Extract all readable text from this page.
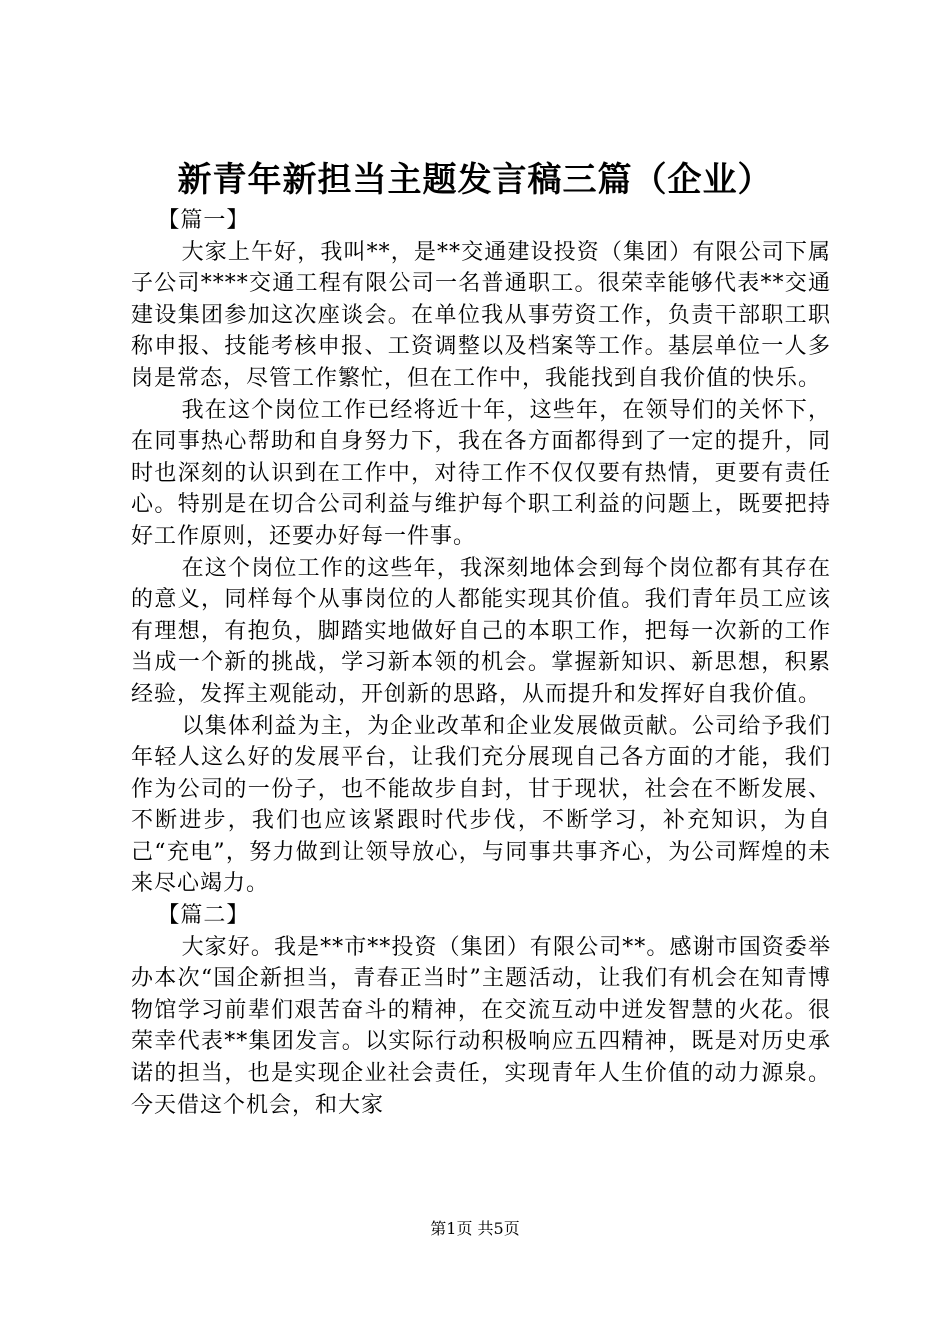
新青年新担当主题发言稿三篇（企业）

【篇一】

大家上午好，我叫**，是**交通建设投资（集团）有限公司下属子公司****交通工程有限公司一名普通职工。很荣幸能够代表**交通建设集团参加这次座谈会。在单位我从事劳资工作，负责干部职工职称申报、技能考核申报、工资调整以及档案等工作。基层单位一人多岗是常态，尽管工作繁忙，但在工作中，我能找到自我价值的快乐。

我在这个岗位工作已经将近十年，这些年，在领导们的关怀下，在同事热心帮助和自身努力下，我在各方面都得到了一定的提升，同时也深刻的认识到在工作中，对待工作不仅仅要有热情，更要有责任心。特别是在切合公司利益与维护每个职工利益的问题上，既要把持好工作原则，还要办好每一件事。

在这个岗位工作的这些年，我深刻地体会到每个岗位都有其存在的意义，同样每个从事岗位的人都能实现其价值。我们青年员工应该有理想，有抱负，脚踏实地做好自己的本职工作，把每一次新的工作当成一个新的挑战，学习新本领的机会。掌握新知识、新思想，积累经验，发挥主观能动，开创新的思路，从而提升和发挥好自我价值。

以集体利益为主，为企业改革和企业发展做贡献。公司给予我们年轻人这么好的发展平台，让我们充分展现自己各方面的才能，我们作为公司的一份子，也不能故步自封，甘于现状，社会在不断发展、不断进步，我们也应该紧跟时代步伐，不断学习，补充知识，为自己“充电”，努力做到让领导放心，与同事共事齐心，为公司辉煌的未来尽心竭力。

【篇二】

大家好。我是**市**投资（集团）有限公司**。感谢市国资委举办本次“国企新担当，青春正当时”主题活动，让我们有机会在知青博物馆学习前辈们艰苦奋斗的精神，在交流互动中迸发智慧的火花。很荣幸代表**集团发言。以实际行动积极响应五四精神，既是对历史承诺的担当，也是实现企业社会责任，实现青年人生价值的动力源泉。今天借这个机会，和大家

第1页 共5页
